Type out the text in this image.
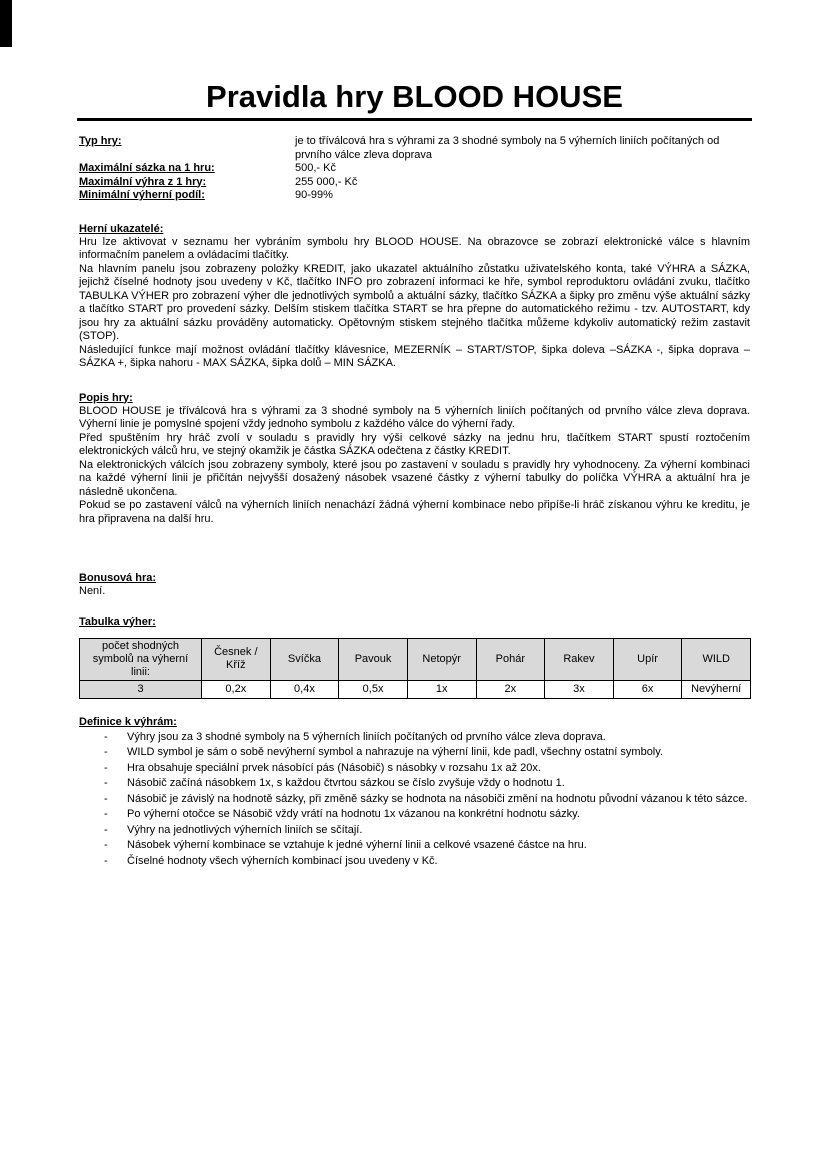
Pravidla hry BLOOD HOUSE
Typ hry:	je to tříválcová hra s výhrami za 3 shodné symboly na 5 výherních liniích počítaných od prvního válce zleva doprava
Maximální sázka na 1 hru:	500,- Kč
Maximální výhra z 1 hry:	255 000,- Kč
Minimální výherní podíl:	90-99%

Herní ukazatelé:

Hru lze aktivovat v seznamu her vybráním symbolu hry BLOOD HOUSE. Na obrazovce se zobrazí elektronické válce s hlavním informačním panelem a ovládacími tlačítky.

Na hlavním panelu jsou zobrazeny položky KREDIT, jako ukazatel aktuálního zůstatku uživatelského konta, také VÝHRA a SÁZKA, jejichž číselné hodnoty jsou uvedeny v Kč, tlačítko INFO pro zobrazení informaci ke hře, symbol reproduktoru ovládání zvuku, tlačítko TABULKA VÝHER pro zobrazení výher dle jednotlivých symbolů a aktuální sázky, tlačítko SÁZKA a šipky pro změnu výše aktuální sázky a tlačítko START pro provedení sázky. Delším stiskem tlačítka START se hra přepne do automatického režimu - tzv. AUTOSTART, kdy jsou hry za aktuální sázku prováděny automaticky. Opětovným stiskem stejného tlačítka můžeme kdykoliv automatický režim zastavit (STOP).

Následující funkce mají možnost ovládání tlačítky klávesnice, MEZERNÍK – START/STOP, šipka doleva –SÁZKA -, šipka doprava – SÁZKA +, šipka nahoru - MAX SÁZKA, šipka dolů – MIN SÁZKA.

Popis hry:

BLOOD HOUSE je tříválcová hra s výhrami za 3 shodné symboly na 5 výherních liniích počítaných od prvního válce zleva doprava. Výherní linie je pomyslné spojení vždy jednoho symbolu z každého válce do výherní řady.

Před spuštěním hry hráč zvolí v souladu s pravidly hry výši celkové sázky na jednu hru, tlačítkem START spustí roztočením elektronických válců hru, ve stejný okamžik je částka SÁZKA odečtena z částky KREDIT.

Na elektronických válcích jsou zobrazeny symboly, které jsou po zastavení v souladu s pravidly hry vyhodnoceny. Za výherní kombinaci na každé výherní linii je přičítán nejvyšší dosažený násobek vsazené částky z výherní tabulky do políčka VÝHRA a aktuální hra je následně ukončena.

Pokud se po zastavení válců na výherních liniích nenachází žádná výherní kombinace nebo připíše-li hráč získanou výhru ke kreditu, je hra připravena na další hru.

Bonusová hra:

Není.

Tabulka výher:

počet shodných symbolů na výherní linii:	Česnek / Kříž	Svíčka	Pavouk	Netopýr	Pohár	Rakev	Upír	WILD
3	0,2x	0,4x	0,5x	1x	2x	3x	6x	Nevýherní

Definice k výhrám:

- Výhry jsou za 3 shodné symboly na 5 výherních liniích počítaných od prvního válce zleva doprava.
- WILD symbol je sám o sobě nevýherní symbol a nahrazuje na výherní linii, kde padl, všechny ostatní symboly.
- Hra obsahuje speciální prvek násobící pás (Násobič) s násobky v rozsahu 1x až 20x.
- Násobič začíná násobkem 1x, s každou čtvrtou sázkou se číslo zvyšuje vždy o hodnotu 1.
- Násobič je závislý na hodnotě sázky, při změně sázky se hodnota na násobiči změní na hodnotu původní vázanou k této sázce.
- Po výherní otočce se Násobič vždy vrátí na hodnotu 1x vázanou na konkrétní hodnotu sázky.
- Výhry na jednotlivých výherních liniích se sčítají.
- Násobek výherní kombinace se vztahuje k jedné výherní linii a celkové vsazené částce na hru.
- Číselné hodnoty všech výherních kombinací jsou uvedeny v Kč.
